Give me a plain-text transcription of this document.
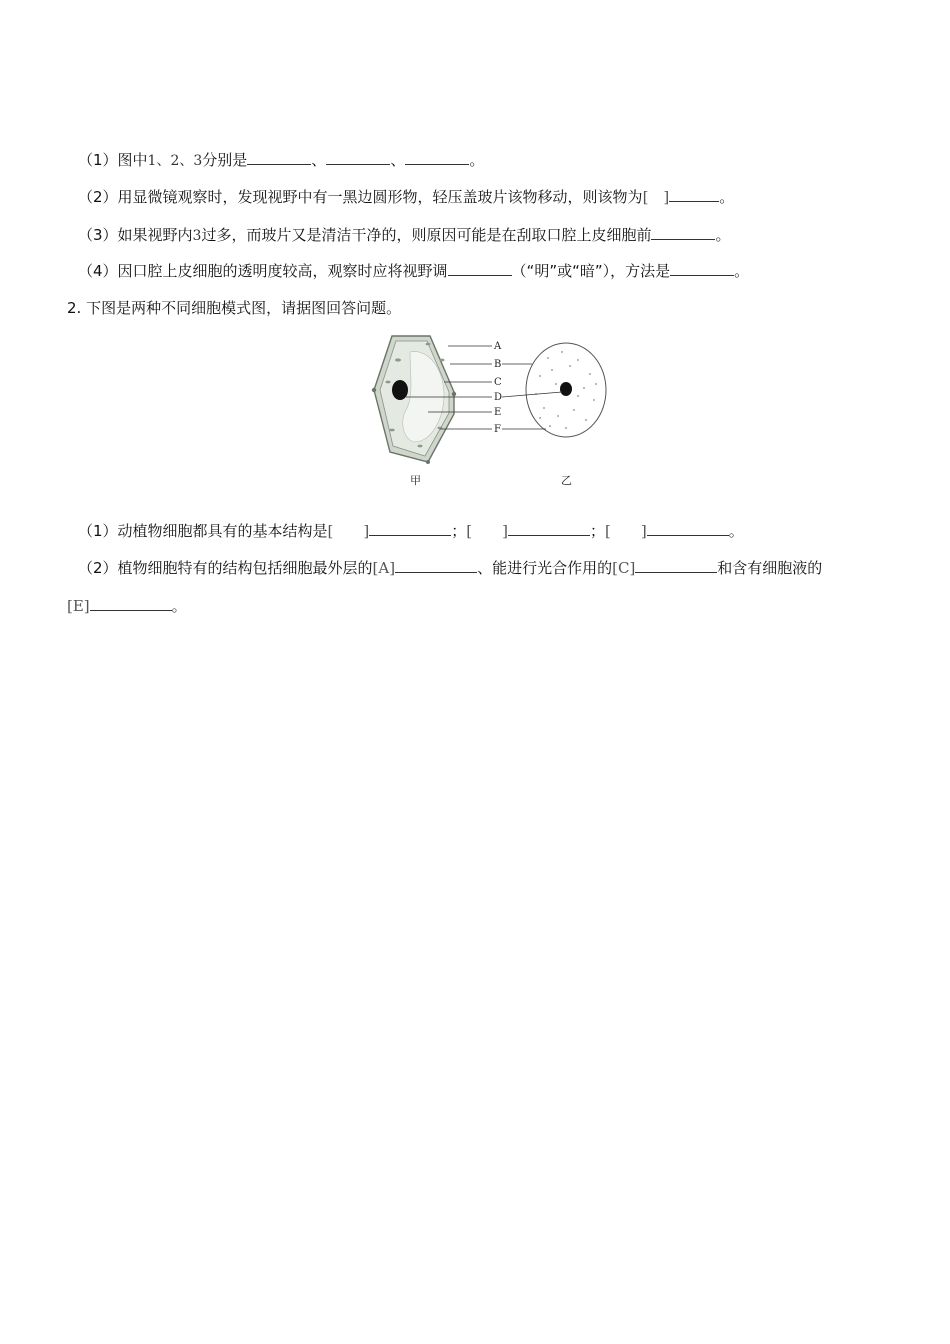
（1）图中1、2、3分别是	、	、	。
（2）用显微镜观察时，发现视野中有一黑边圆形物，轻压盖玻片该物移动，则该物为[　]	。
（3）如果视野内3过多，而玻片又是清洁干净的，则原因可能是在刮取口腔上皮细胞前	。
（4）因口腔上皮细胞的透明度较高，观察时应将视野调	（“明”或“暗”），方法是	。
2. 下图是两种不同细胞模式图，请据图回答问题。
A
B
C
D
E
F
甲	乙
（1）动植物细胞都具有的基本结构是[　　]	；[　　]	；[　　]	。
（2）植物细胞特有的结构包括细胞最外层的[A]	、能进行光合作用的[C]	和含有细胞液的
[E]	。
